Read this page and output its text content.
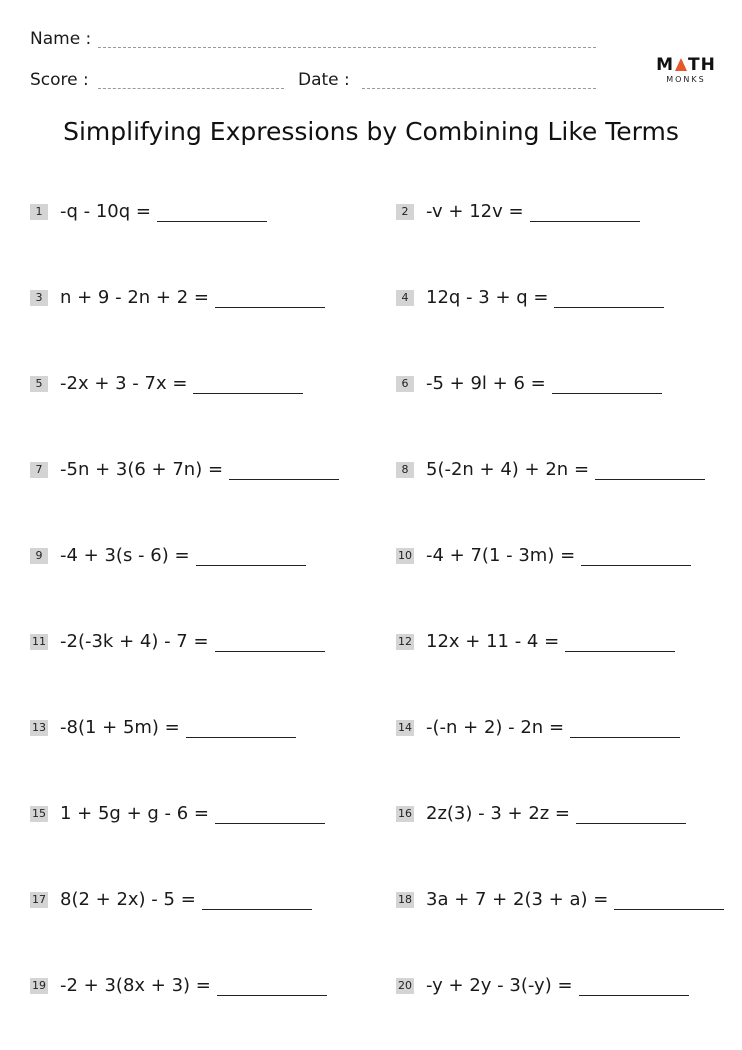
Name :
Score :	Date :
M TH
MONKS
Simplifying Expressions by Combining Like Terms
1 -q - 10q =	2 -v + 12v =
3 n + 9 - 2n + 2 =	4 12q - 3 + q =
5 -2x + 3 - 7x =	6 -5 + 9l + 6 =
7 -5n + 3(6 + 7n) =	8 5(-2n + 4) + 2n =
9 -4 + 3(s - 6) =	10 -4 + 7(1 - 3m) =
11 -2(-3k + 4) - 7 =	12 12x + 11 - 4 =
13 -8(1 + 5m) =	14 -(-n + 2) - 2n =
15 1 + 5g + g - 6 =	16 2z(3) - 3 + 2z =
17 8(2 + 2x) - 5 =	18 3a + 7 + 2(3 + a) =
19 -2 + 3(8x + 3) =	20 -y + 2y - 3(-y) =
